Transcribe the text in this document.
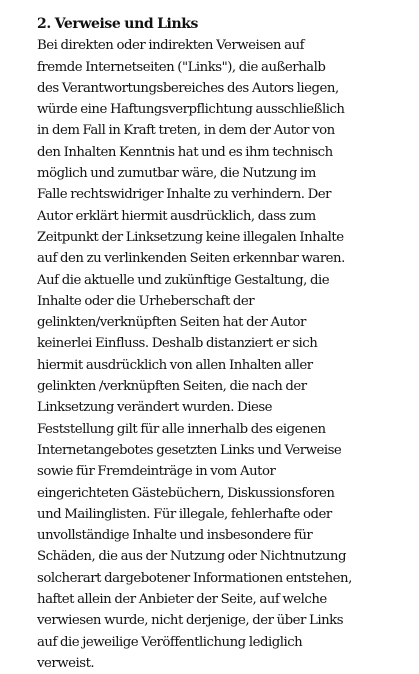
2. Verweise und Links

Bei direkten oder indirekten Verweisen auf

fremde Internetseiten ("Links"), die außerhalb

des Verantwortungsbereiches des Autors liegen,

würde eine Haftungsverpflichtung ausschließlich

in dem Fall in Kraft treten, in dem der Autor von

den Inhalten Kenntnis hat und es ihm technisch

möglich und zumutbar wäre, die Nutzung im

Falle rechtswidriger Inhalte zu verhindern. Der

Autor erklärt hiermit ausdrücklich, dass zum

Zeitpunkt der Linksetzung keine illegalen Inhalte

auf den zu verlinkenden Seiten erkennbar waren.

Auf die aktuelle und zukünftige Gestaltung, die

Inhalte oder die Urheberschaft der

gelinkten/verknüpften Seiten hat der Autor

keinerlei Einfluss. Deshalb distanziert er sich

hiermit ausdrücklich von allen Inhalten aller

gelinkten /verknüpften Seiten, die nach der

Linksetzung verändert wurden. Diese

Feststellung gilt für alle innerhalb des eigenen

Internetangebotes gesetzten Links und Verweise

sowie für Fremdeinträge in vom Autor

eingerichteten Gästebüchern, Diskussionsforen

und Mailinglisten. Für illegale, fehlerhafte oder

unvollständige Inhalte und insbesondere für

Schäden, die aus der Nutzung oder Nichtnutzung

solcherart dargebotener Informationen entstehen,

haftet allein der Anbieter der Seite, auf welche

verwiesen wurde, nicht derjenige, der über Links

auf die jeweilige Veröffentlichung lediglich

verweist.
